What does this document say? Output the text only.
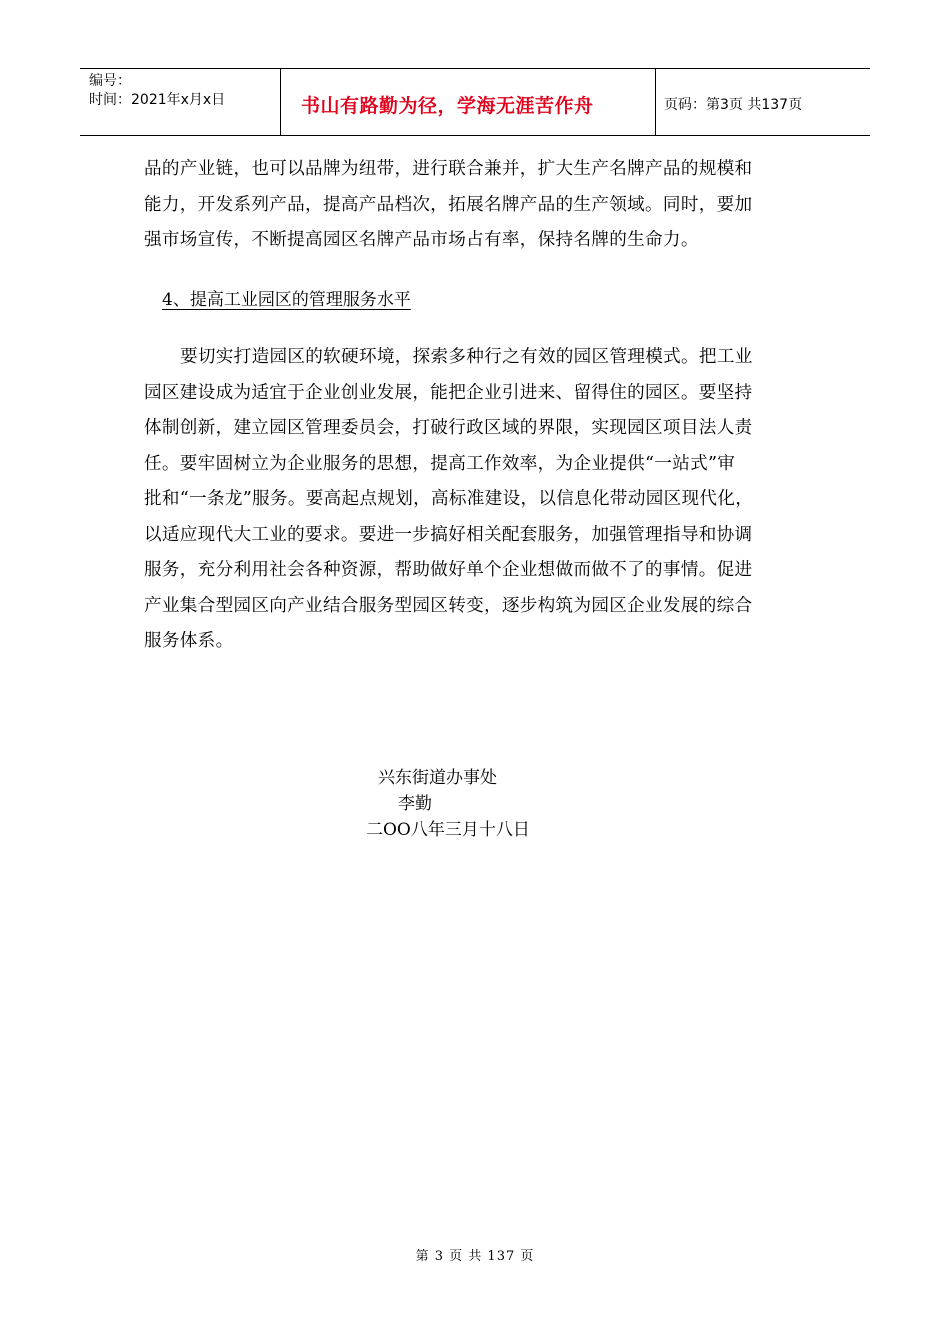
编号：
时间：2021年x月x日	书山有路勤为径，学海无涯苦作舟	页码：第3页 共137页
品的产业链，也可以品牌为纽带，进行联合兼并，扩大生产名牌产品的规模和
能力，开发系列产品，提高产品档次，拓展名牌产品的生产领域。同时，要加
强市场宣传，不断提高园区名牌产品市场占有率，保持名牌的生命力。
4、提高工业园区的管理服务水平
要切实打造园区的软硬环境，探索多种行之有效的园区管理模式。把工业
园区建设成为适宜于企业创业发展，能把企业引进来、留得住的园区。要坚持
体制创新，建立园区管理委员会，打破行政区域的界限，实现园区项目法人责
任。要牢固树立为企业服务的思想，提高工作效率，为企业提供“一站式”审
批和“一条龙”服务。要高起点规划，高标准建设，以信息化带动园区现代化，
以适应现代大工业的要求。要进一步搞好相关配套服务，加强管理指导和协调
服务，充分利用社会各种资源，帮助做好单个企业想做而做不了的事情。促进
产业集合型园区向产业结合服务型园区转变，逐步构筑为园区企业发展的综合
服务体系。
兴东街道办事处
李勤
二OO八年三月十八日
第 3 页 共 137 页
